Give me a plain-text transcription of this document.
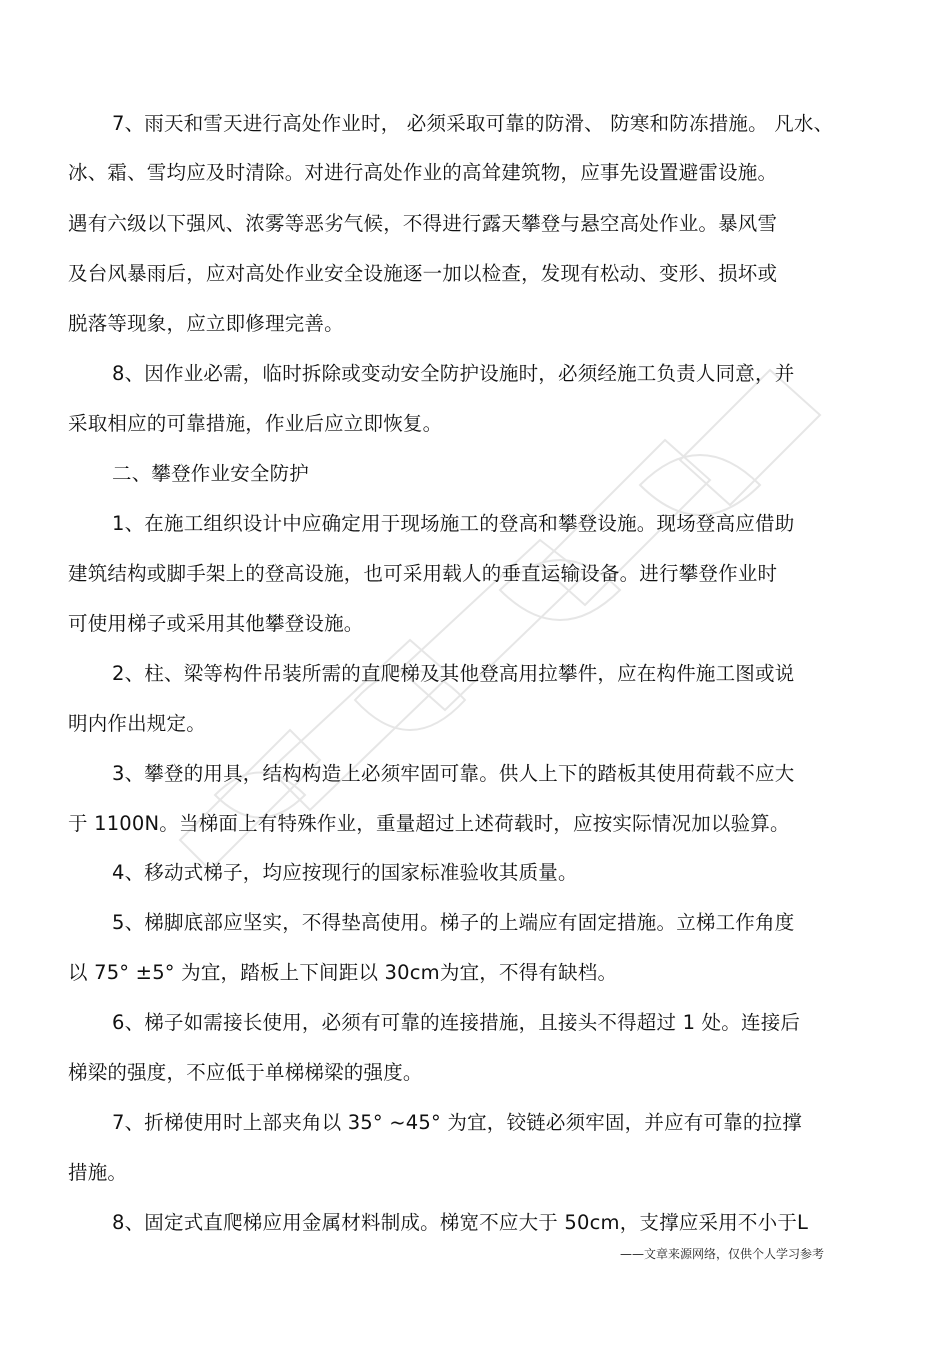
7、雨天和雪天进行高处作业时， 必须采取可靠的防滑、 防寒和防冻措施。 凡水、
冰、霜、雪均应及时清除。对进行高处作业的高耸建筑物，应事先设置避雷设施。
遇有六级以下强风、浓雾等恶劣气候，不得进行露天攀登与悬空高处作业。暴风雪
及台风暴雨后，应对高处作业安全设施逐一加以检查，发现有松动、变形、损坏或
脱落等现象，应立即修理完善。
8、因作业必需，临时拆除或变动安全防护设施时，必须经施工负责人同意，并
采取相应的可靠措施，作业后应立即恢复。
二、攀登作业安全防护
1、在施工组织设计中应确定用于现场施工的登高和攀登设施。现场登高应借助
建筑结构或脚手架上的登高设施，也可采用载人的垂直运输设备。进行攀登作业时
可使用梯子或采用其他攀登设施。
2、柱、梁等构件吊装所需的直爬梯及其他登高用拉攀件，应在构件施工图或说
明内作出规定。
3、攀登的用具，结构构造上必须牢固可靠。供人上下的踏板其使用荷载不应大
于 1100N。当梯面上有特殊作业，重量超过上述荷载时，应按实际情况加以验算。
4、移动式梯子，均应按现行的国家标准验收其质量。
5、梯脚底部应坚实，不得垫高使用。梯子的上端应有固定措施。立梯工作角度
以 75° ±5° 为宜，踏板上下间距以 30cm为宜，不得有缺档。
6、梯子如需接长使用，必须有可靠的连接措施，且接头不得超过 1 处。连接后
梯梁的强度，不应低于单梯梯梁的强度。
7、折梯使用时上部夹角以 35° ~45° 为宜，铰链必须牢固，并应有可靠的拉撑
措施。
8、固定式直爬梯应用金属材料制成。梯宽不应大于 50cm，支撑应采用不小于L
——文章来源网络，仅供个人学习参考
